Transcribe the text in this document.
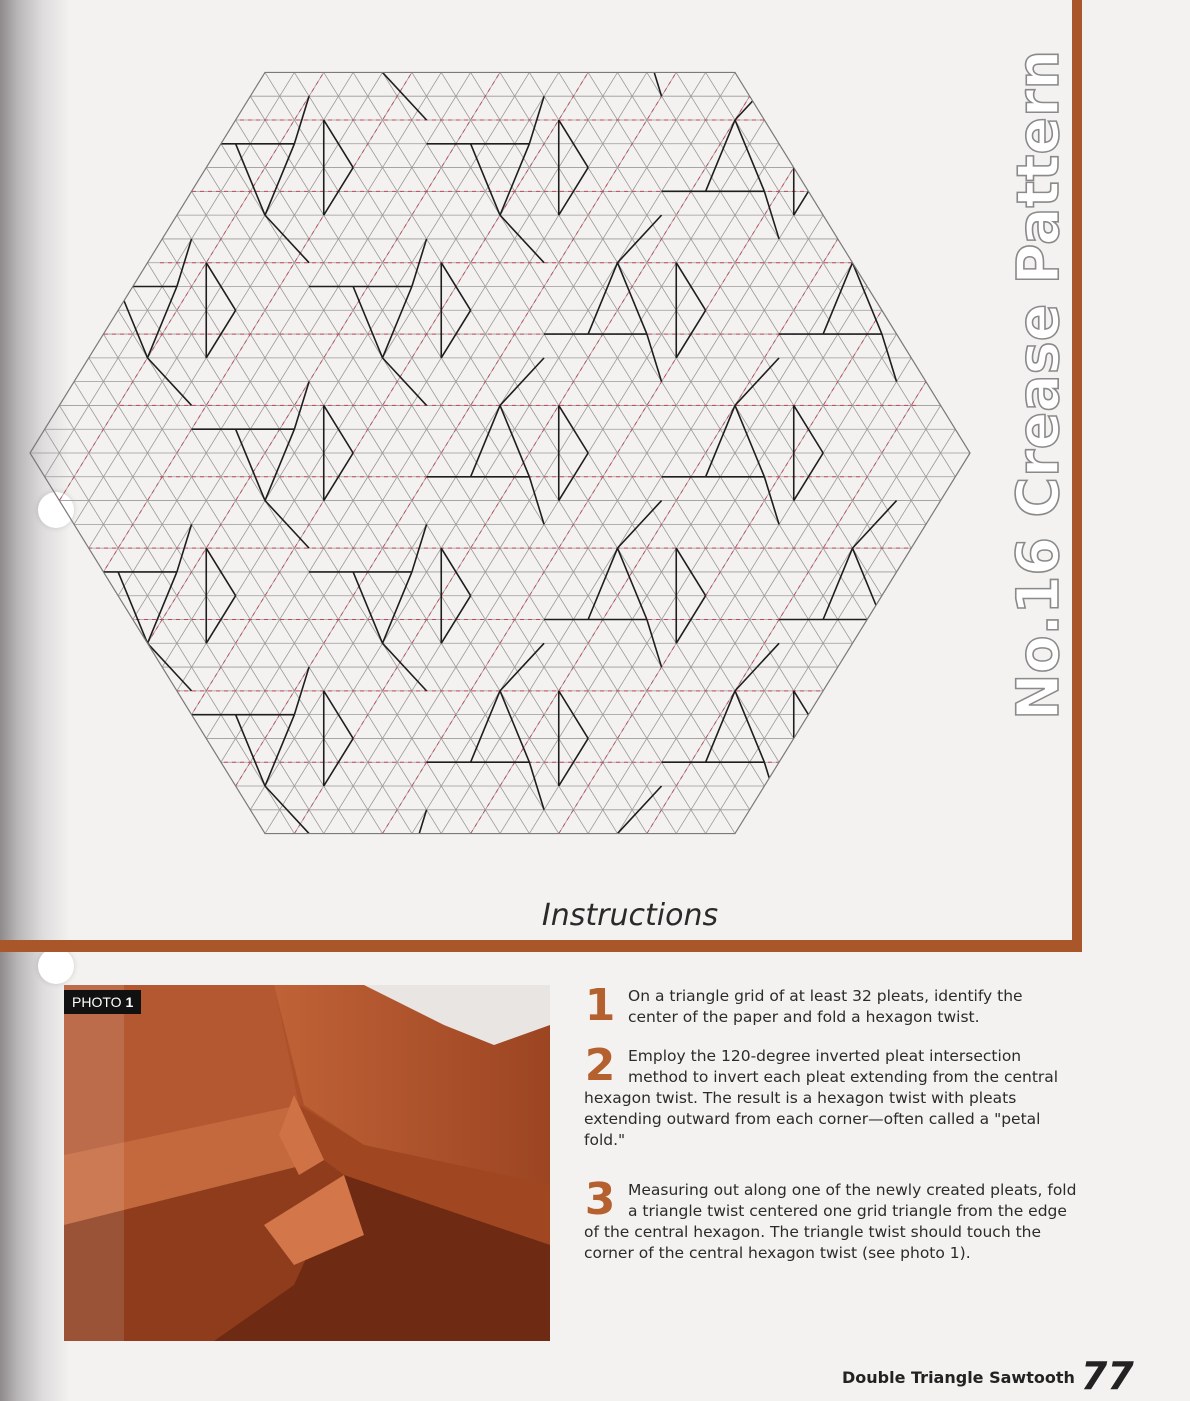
No.16 Crease Pattern
Instructions
PHOTO 1	1 On a triangle grid of at least 32 pleats, identify the center of the paper and fold a hexagon twist.
2 Employ the 120-degree inverted pleat intersection method to invert each pleat extending from the central hexagon twist. The result is a hexagon twist with pleats extending outward from each corner—often called a "petal fold."
3 Measuring out along one of the newly created pleats, fold a triangle twist centered one grid triangle from the edge of the central hexagon. The triangle twist should touch the corner of the central hexagon twist (see photo 1).
Double Triangle Sawtooth 77
